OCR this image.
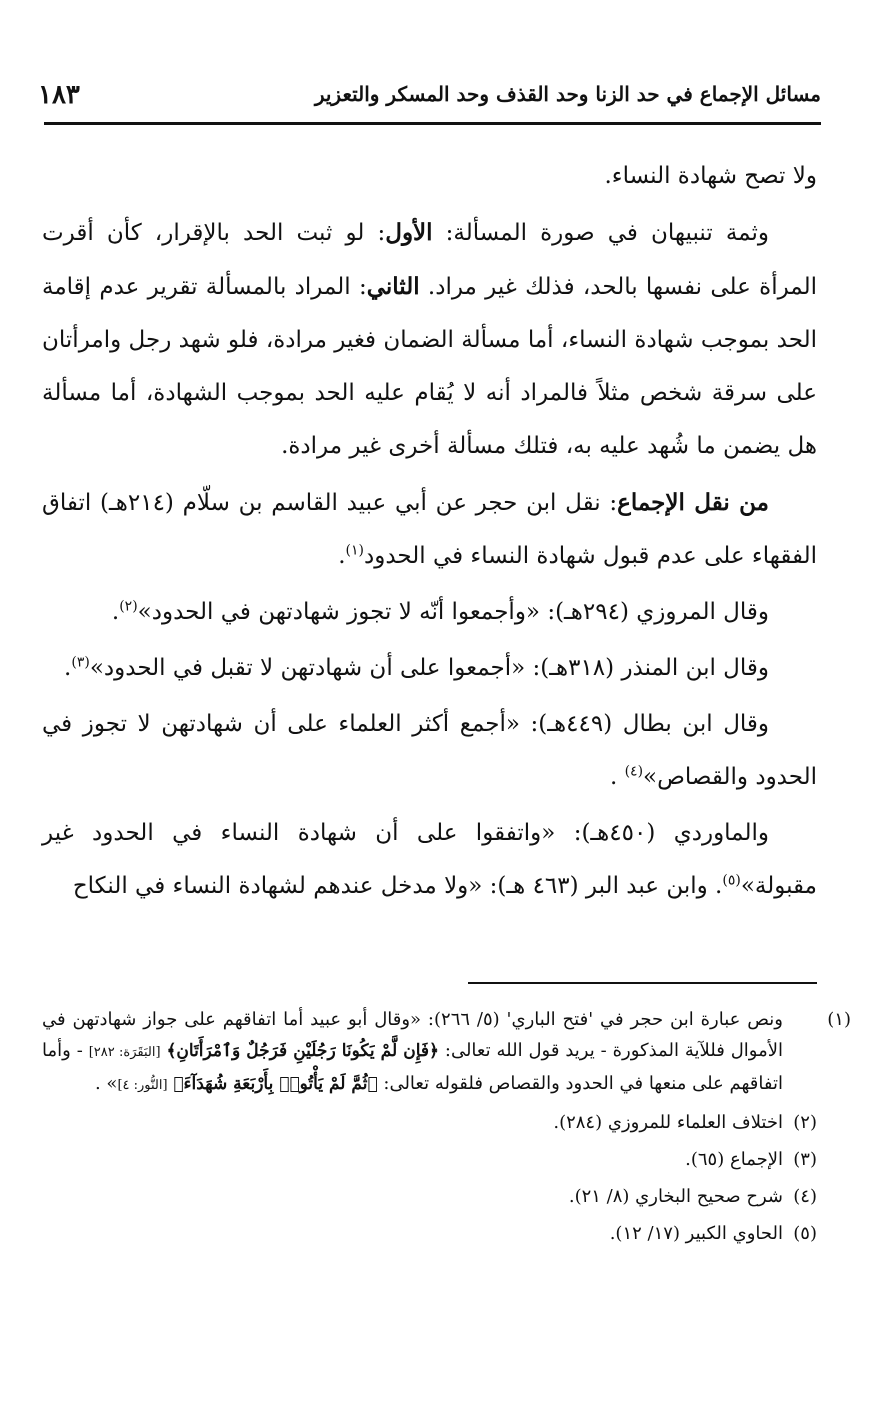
مسائل الإجماع في حد الزنا وحد القذف وحد المسكر والتعزير
١٨٣

ولا تصح شهادة النساء.

وثمة تنبيهان في صورة المسألة: الأول: لو ثبت الحد بالإقرار، كأن أقرت المرأة على نفسها بالحد، فذلك غير مراد. الثاني: المراد بالمسألة تقرير عدم إقامة الحد بموجب شهادة النساء، أما مسألة الضمان فغير مرادة، فلو شهد رجل وامرأتان على سرقة شخص مثلاً فالمراد أنه لا يُقام عليه الحد بموجب الشهادة، أما مسألة هل يضمن ما شُهد عليه به، فتلك مسألة أخرى غير مرادة.

من نقل الإجماع: نقل ابن حجر عن أبي عبيد القاسم بن سلّام (٢١٤هـ) اتفاق الفقهاء على عدم قبول شهادة النساء في الحدود$^{(١)}$.

وقال المروزي (٢٩٤هـ): «وأجمعوا أنّه لا تجوز شهادتهن في الحدود»$^{(٢)}$.

وقال ابن المنذر (٣١٨هـ): «أجمعوا على أن شهادتهن لا تقبل في الحدود»$^{(٣)}$.

وقال ابن بطال (٤٤٩هـ): «أجمع أكثر العلماء على أن شهادتهن لا تجوز في الحدود والقصاص»$^{(٤)}$ .

والماوردي (٤٥٠هـ): «واتفقوا على أن شهادة النساء في الحدود غير مقبولة»$^{(٥)}$. وابن عبد البر (٤٦٣ هـ): «ولا مدخل عندهم لشهادة النساء في النكاح

(١)ونص عبارة ابن حجر في 'فتح الباري' (٥/ ٢٦٦): «وقال أبو عبيد أما اتفاقهم على جواز شهادتهن في الأموال فللآية المذكورة - يريد قول الله تعالى: ﴿فَإِن لَّمْ يَكُونَا رَجُلَيْنِ فَرَجُلٌ وَٱمْرَأَتَانِ﴾ [البَقَرَة: ٢٨٢] - وأما اتفاقهم على منعها في الحدود والقصاص فلقوله تعالى: ﴿ثُمَّ لَمْ يَأْتُوا۟ بِأَرْبَعَةِ شُهَدَآءَ﴾ [النُّور: ٤]» .

(٢)اختلاف العلماء للمروزي (٢٨٤).

(٣)الإجماع (٦٥).

(٤)شرح صحيح البخاري (٨/ ٢١).

(٥)الحاوي الكبير (١٧/ ١٢).
